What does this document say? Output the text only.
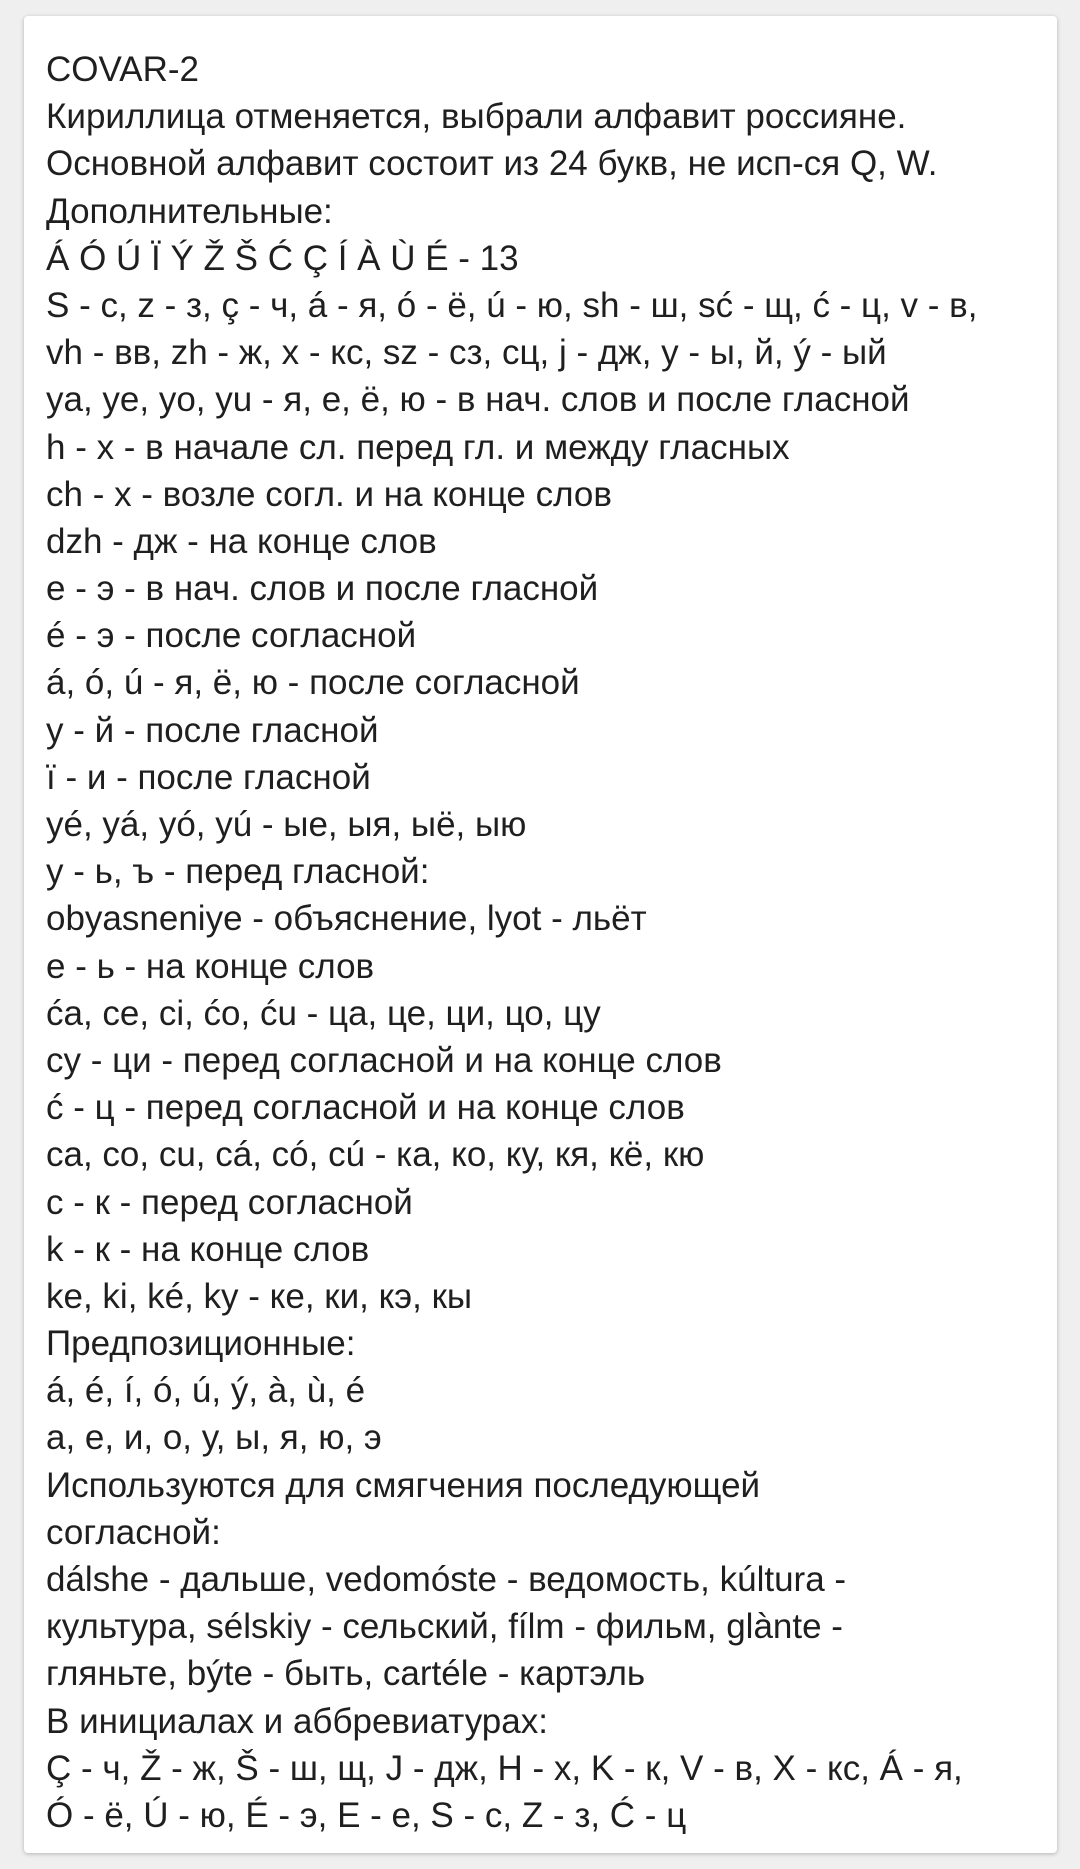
COVAR-2
Кириллица отменяется, выбрали алфавит россияне.
Основной алфавит состоит из 24 букв, не исп-ся Q, W.
Дополнительные:
Á Ó Ú Ï Ý Ž Š Ć Ç Í À Ù É - 13
S - с, z - з, ç - ч, á - я, ó - ё, ú - ю, sh - ш, sć - щ, ć - ц, v - в,
vh - вв, zh - ж, x - кс, sz - сз, сц, j - дж, y - ы, й, ý - ый
ya, ye, yo, yu - я, е, ё, ю - в нач. слов и после гласной
h - х - в начале сл. перед гл. и между гласных
ch - х - возле согл. и на конце слов
dzh - дж - на конце слов
e - э - в нач. слов и после гласной
é - э - после согласной
á, ó, ú - я, ё, ю - после согласной
y - й - после гласной
ï - и - после гласной
yé, yá, yó, yú - ые, ыя, ыё, ыю
y - ь, ъ - перед гласной:
obyasneniye - объяснение, lyot - льёт
e - ь - на конце слов
ća, ce, ci, ćo, ću - ца, це, ци, цо, цу
cy - ци - перед согласной и на конце слов
ć - ц - перед согласной и на конце слов
ca, co, cu, cá, có, cú - ка, ко, ку, кя, кё, кю
c - к - перед согласной
k - к - на конце слов
ke, ki, ké, ky - ке, ки, кэ, кы
Предпозиционные:
á, é, í, ó, ú, ý, à, ù, é
а, е, и, о, у, ы, я, ю, э
Используются для смягчения последующей
согласной:
dálshe - дальше, vedomóste - ведомость, kúltura -
культура, sélskiy - сельский, fílm - фильм, glànte -
гляньте, býte - быть, cartéle - картэль
В инициалах и аббревиатурах:
Ç - ч, Ž - ж, Š - ш, щ, J - дж, H - х, K - к, V - в, X - кс, Á - я,
Ó - ё, Ú - ю, É - э, E - е, S - с, Z - з, Ć - ц
